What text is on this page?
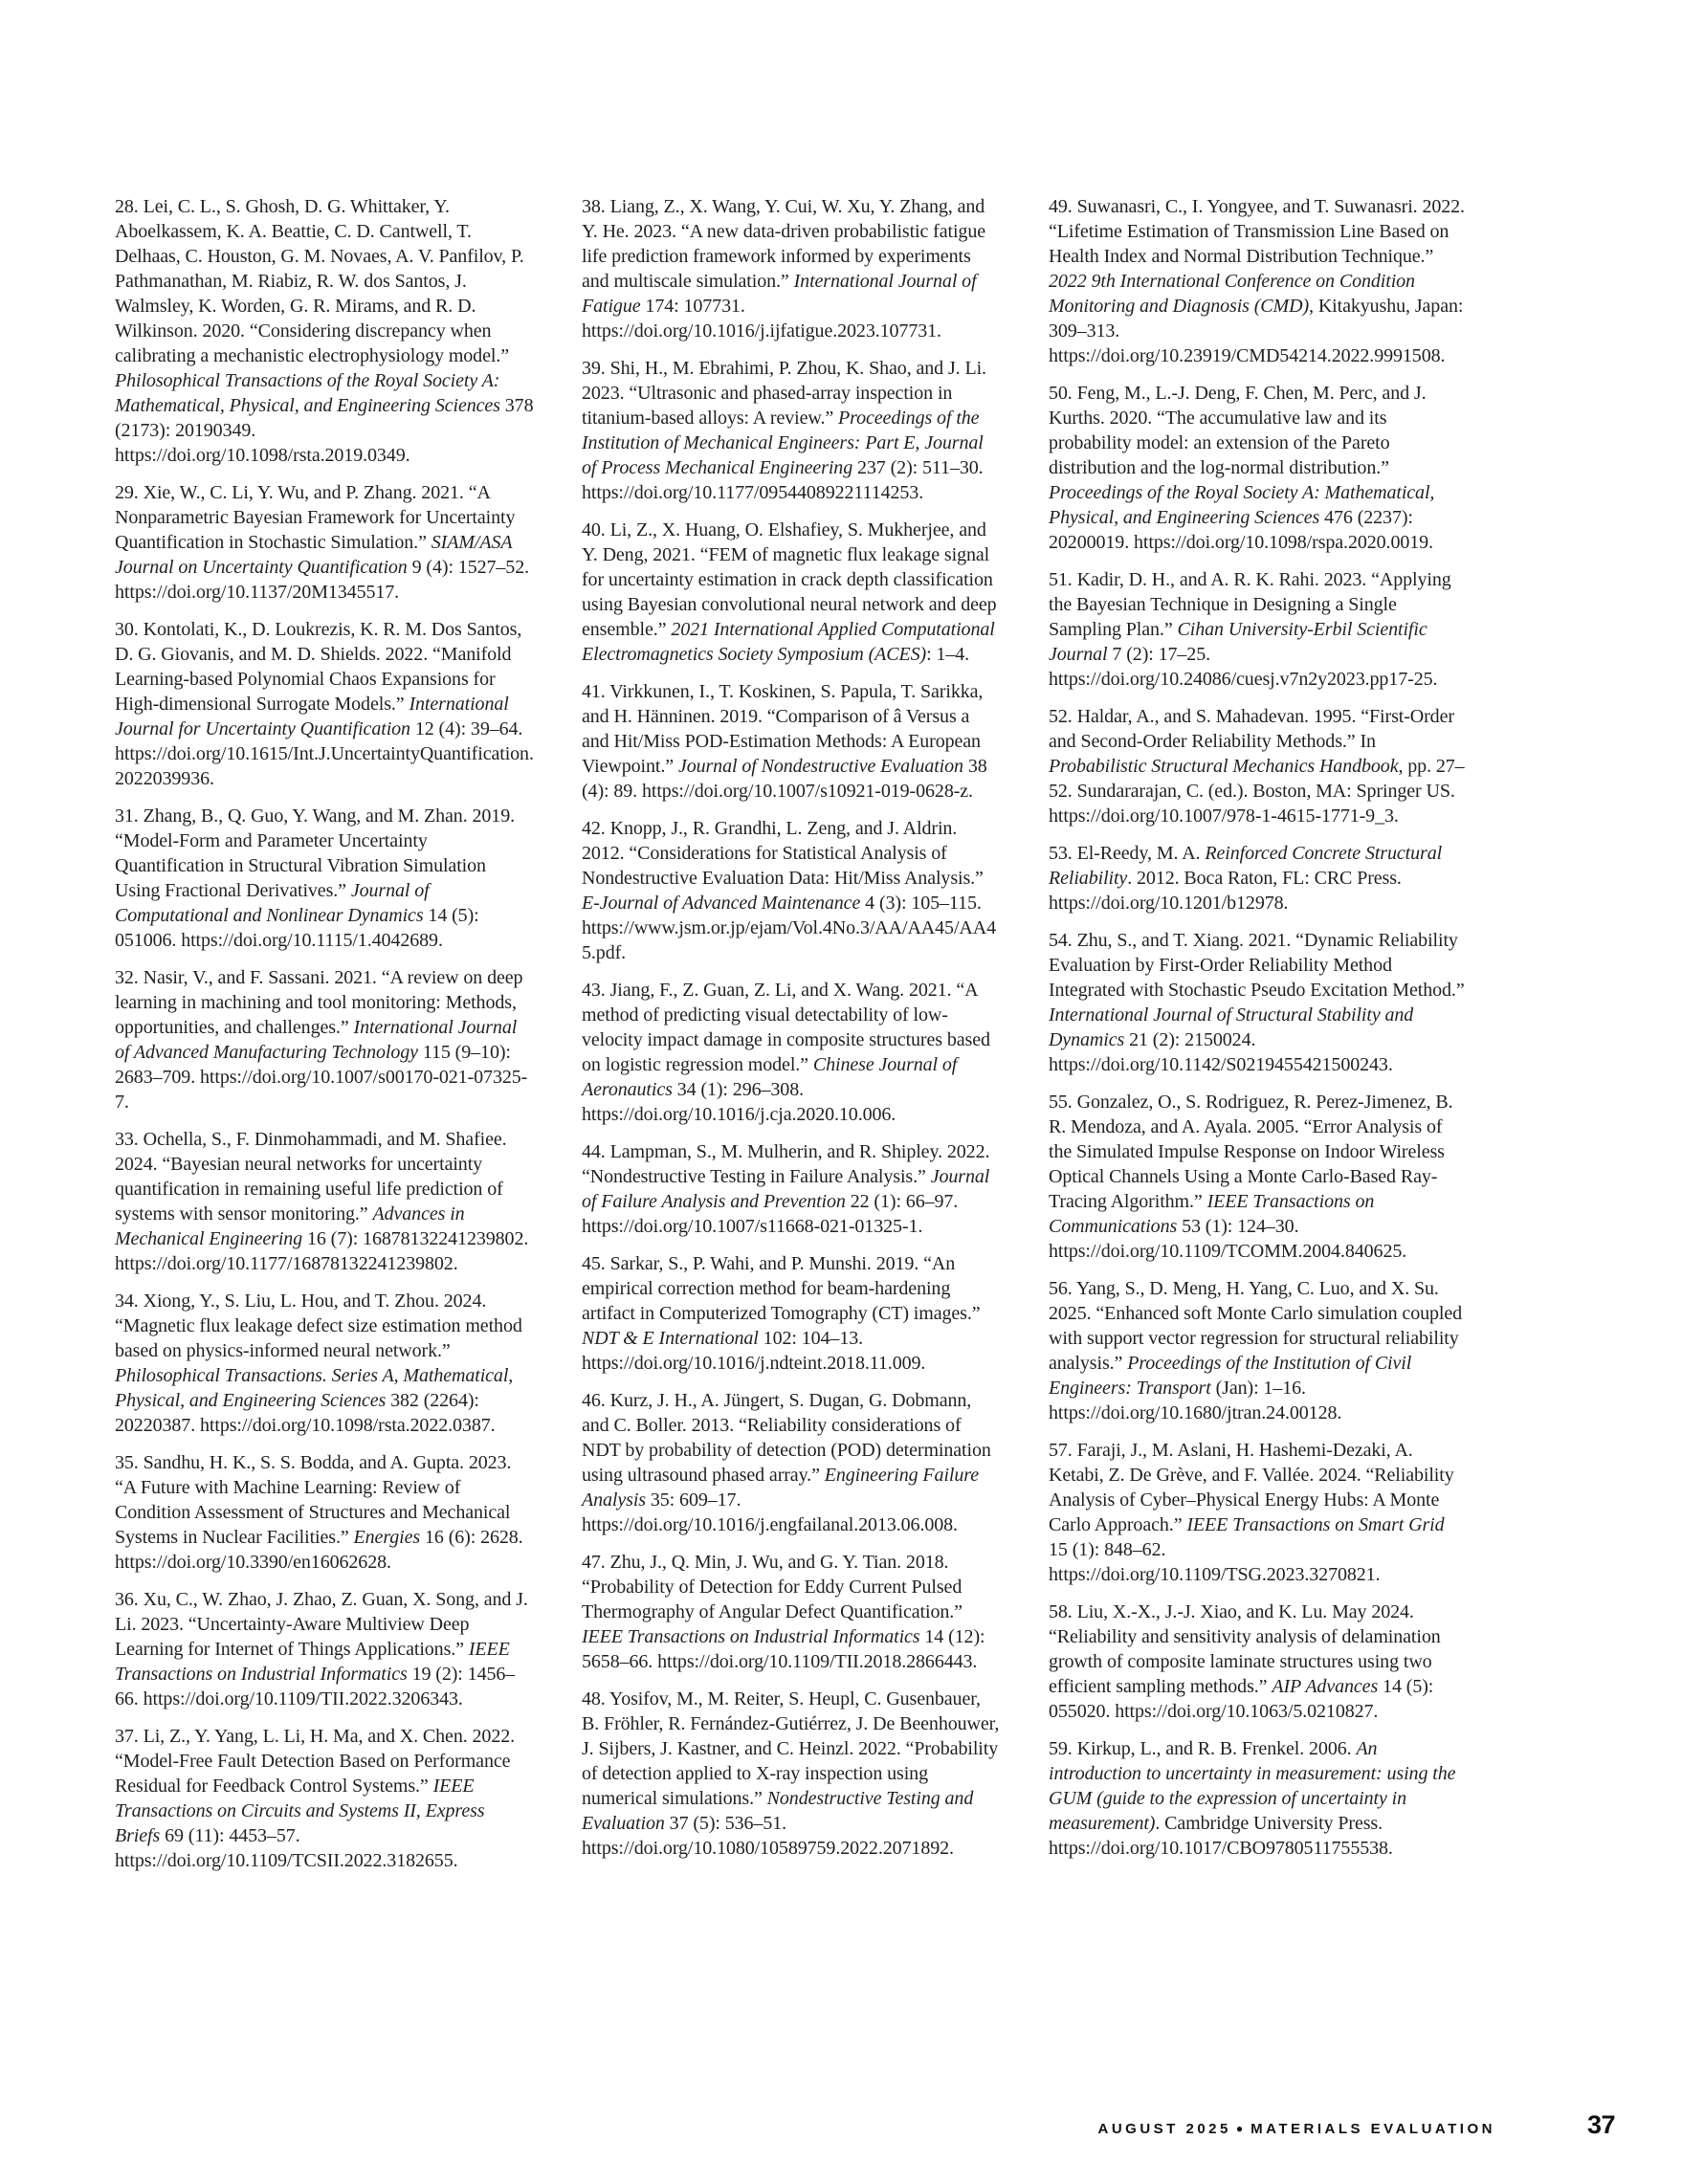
28. Lei, C. L., S. Ghosh, D. G. Whittaker, Y. Aboelkassem, K. A. Beattie, C. D. Cantwell, T. Delhaas, C. Houston, G. M. Novaes, A. V. Panfilov, P. Pathmanathan, M. Riabiz, R. W. dos Santos, J. Walmsley, K. Worden, G. R. Mirams, and R. D. Wilkinson. 2020. “Considering discrepancy when calibrating a mechanistic electrophysiology model.” Philosophical Transactions of the Royal Society A: Mathematical, Physical, and Engineering Sciences 378 (2173): 20190349. https://doi.org/10.1098/rsta.2019.0349.

29. Xie, W., C. Li, Y. Wu, and P. Zhang. 2021. “A Nonparametric Bayesian Framework for Uncertainty Quantification in Stochastic Simulation.” SIAM/ASA Journal on Uncertainty Quantification 9 (4): 1527–52. https://doi.org/10.1137/20M1345517.

30. Kontolati, K., D. Loukrezis, K. R. M. Dos Santos, D. G. Giovanis, and M. D. Shields. 2022. “Manifold Learning-based Polynomial Chaos Expansions for High-dimensional Surrogate Models.” International Journal for Uncertainty Quantification 12 (4): 39–64. https://doi.org/10.1615/Int.J.UncertaintyQuantification.2022039936.

31. Zhang, B., Q. Guo, Y. Wang, and M. Zhan. 2019. “Model-Form and Parameter Uncertainty Quantification in Structural Vibration Simulation Using Fractional Derivatives.” Journal of Computational and Nonlinear Dynamics 14 (5): 051006. https://doi.org/10.1115/1.4042689.

32. Nasir, V., and F. Sassani. 2021. “A review on deep learning in machining and tool monitoring: Methods, opportunities, and challenges.” International Journal of Advanced Manufacturing Technology 115 (9–10): 2683–709. https://doi.org/10.1007/s00170-021-07325-7.

33. Ochella, S., F. Dinmohammadi, and M. Shafiee. 2024. “Bayesian neural networks for uncertainty quantification in remaining useful life prediction of systems with sensor monitoring.” Advances in Mechanical Engineering 16 (7): 16878132241239802. https://doi.org/10.1177/16878132241239802.

34. Xiong, Y., S. Liu, L. Hou, and T. Zhou. 2024. “Magnetic flux leakage defect size estimation method based on physics-informed neural network.” Philosophical Transactions. Series A, Mathematical, Physical, and Engineering Sciences 382 (2264): 20220387. https://doi.org/10.1098/rsta.2022.0387.

35. Sandhu, H. K., S. S. Bodda, and A. Gupta. 2023. “A Future with Machine Learning: Review of Condition Assessment of Structures and Mechanical Systems in Nuclear Facilities.” Energies 16 (6): 2628. https://doi.org/10.3390/en16062628.

36. Xu, C., W. Zhao, J. Zhao, Z. Guan, X. Song, and J. Li. 2023. “Uncertainty-Aware Multiview Deep Learning for Internet of Things Applications.” IEEE Transactions on Industrial Informatics 19 (2): 1456–66. https://doi.org/10.1109/TII.2022.3206343.

37. Li, Z., Y. Yang, L. Li, H. Ma, and X. Chen. 2022. “Model-Free Fault Detection Based on Performance Residual for Feedback Control Systems.” IEEE Transactions on Circuits and Systems II, Express Briefs 69 (11): 4453–57. https://doi.org/10.1109/TCSII.2022.3182655.

38. Liang, Z., X. Wang, Y. Cui, W. Xu, Y. Zhang, and Y. He. 2023. “A new data-driven probabilistic fatigue life prediction framework informed by experiments and multiscale simulation.” International Journal of Fatigue 174: 107731. https://doi.org/10.1016/j.ijfatigue.2023.107731.

39. Shi, H., M. Ebrahimi, P. Zhou, K. Shao, and J. Li. 2023. “Ultrasonic and phased-array inspection in titanium-based alloys: A review.” Proceedings of the Institution of Mechanical Engineers: Part E, Journal of Process Mechanical Engineering 237 (2): 511–30. https://doi.org/10.1177/09544089221114253.

40. Li, Z., X. Huang, O. Elshafiey, S. Mukherjee, and Y. Deng, 2021. “FEM of magnetic flux leakage signal for uncertainty estimation in crack depth classification using Bayesian convolutional neural network and deep ensemble.” 2021 International Applied Computational Electromagnetics Society Symposium (ACES): 1–4.

41. Virkkunen, I., T. Koskinen, S. Papula, T. Sarikka, and H. Hänninen. 2019. “Comparison of â Versus a and Hit/Miss POD-Estimation Methods: A European Viewpoint.” Journal of Nondestructive Evaluation 38 (4): 89. https://doi.org/10.1007/s10921-019-0628-z.

42. Knopp, J., R. Grandhi, L. Zeng, and J. Aldrin. 2012. “Considerations for Statistical Analysis of Nondestructive Evaluation Data: Hit/Miss Analysis.” E-Journal of Advanced Maintenance 4 (3): 105–115. https://www.jsm.or.jp/ejam/Vol.4No.3/AA/AA45/AA45.pdf.

43. Jiang, F., Z. Guan, Z. Li, and X. Wang. 2021. “A method of predicting visual detectability of low-velocity impact damage in composite structures based on logistic regression model.” Chinese Journal of Aeronautics 34 (1): 296–308. https://doi.org/10.1016/j.cja.2020.10.006.

44. Lampman, S., M. Mulherin, and R. Shipley. 2022. “Nondestructive Testing in Failure Analysis.” Journal of Failure Analysis and Prevention 22 (1): 66–97. https://doi.org/10.1007/s11668-021-01325-1.

45. Sarkar, S., P. Wahi, and P. Munshi. 2019. “An empirical correction method for beam-hardening artifact in Computerized Tomography (CT) images.” NDT & E International 102: 104–13. https://doi.org/10.1016/j.ndteint.2018.11.009.

46. Kurz, J. H., A. Jüngert, S. Dugan, G. Dobmann, and C. Boller. 2013. “Reliability considerations of NDT by probability of detection (POD) determination using ultrasound phased array.” Engineering Failure Analysis 35: 609–17. https://doi.org/10.1016/j.engfailanal.2013.06.008.

47. Zhu, J., Q. Min, J. Wu, and G. Y. Tian. 2018. “Probability of Detection for Eddy Current Pulsed Thermography of Angular Defect Quantification.” IEEE Transactions on Industrial Informatics 14 (12): 5658–66. https://doi.org/10.1109/TII.2018.2866443.

48. Yosifov, M., M. Reiter, S. Heupl, C. Gusenbauer, B. Fröhler, R. Fernández-Gutiérrez, J. De Beenhouwer, J. Sijbers, J. Kastner, and C. Heinzl. 2022. “Probability of detection applied to X-ray inspection using numerical simulations.” Nondestructive Testing and Evaluation 37 (5): 536–51. https://doi.org/10.1080/10589759.2022.2071892.

49. Suwanasri, C., I. Yongyee, and T. Suwanasri. 2022. “Lifetime Estimation of Transmission Line Based on Health Index and Normal Distribution Technique.” 2022 9th International Conference on Condition Monitoring and Diagnosis (CMD), Kitakyushu, Japan: 309–313. https://doi.org/10.23919/CMD54214.2022.9991508.

50. Feng, M., L.-J. Deng, F. Chen, M. Perc, and J. Kurths. 2020. “The accumulative law and its probability model: an extension of the Pareto distribution and the log-normal distribution.” Proceedings of the Royal Society A: Mathematical, Physical, and Engineering Sciences 476 (2237): 20200019. https://doi.org/10.1098/rspa.2020.0019.

51. Kadir, D. H., and A. R. K. Rahi. 2023. “Applying the Bayesian Technique in Designing a Single Sampling Plan.” Cihan University-Erbil Scientific Journal 7 (2): 17–25. https://doi.org/10.24086/cuesj.v7n2y2023.pp17-25.

52. Haldar, A., and S. Mahadevan. 1995. “First-Order and Second-Order Reliability Methods.” In Probabilistic Structural Mechanics Handbook, pp. 27–52. Sundararajan, C. (ed.). Boston, MA: Springer US. https://doi.org/10.1007/978-1-4615-1771-9_3.

53. El-Reedy, M. A. Reinforced Concrete Structural Reliability. 2012. Boca Raton, FL: CRC Press. https://doi.org/10.1201/b12978.

54. Zhu, S., and T. Xiang. 2021. “Dynamic Reliability Evaluation by First-Order Reliability Method Integrated with Stochastic Pseudo Excitation Method.” International Journal of Structural Stability and Dynamics 21 (2): 2150024. https://doi.org/10.1142/S0219455421500243.

55. Gonzalez, O., S. Rodriguez, R. Perez-Jimenez, B. R. Mendoza, and A. Ayala. 2005. “Error Analysis of the Simulated Impulse Response on Indoor Wireless Optical Channels Using a Monte Carlo-Based Ray-Tracing Algorithm.” IEEE Transactions on Communications 53 (1): 124–30. https://doi.org/10.1109/TCOMM.2004.840625.

56. Yang, S., D. Meng, H. Yang, C. Luo, and X. Su. 2025. “Enhanced soft Monte Carlo simulation coupled with support vector regression for structural reliability analysis.” Proceedings of the Institution of Civil Engineers: Transport (Jan): 1–16. https://doi.org/10.1680/jtran.24.00128.

57. Faraji, J., M. Aslani, H. Hashemi-Dezaki, A. Ketabi, Z. De Grève, and F. Vallée. 2024. “Reliability Analysis of Cyber–Physical Energy Hubs: A Monte Carlo Approach.” IEEE Transactions on Smart Grid 15 (1): 848–62. https://doi.org/10.1109/TSG.2023.3270821.

58. Liu, X.-X., J.-J. Xiao, and K. Lu. May 2024. “Reliability and sensitivity analysis of delamination growth of composite laminate structures using two efficient sampling methods.” AIP Advances 14 (5): 055020. https://doi.org/10.1063/5.0210827.

59. Kirkup, L., and R. B. Frenkel. 2006. An introduction to uncertainty in measurement: using the GUM (guide to the expression of uncertainty in measurement). Cambridge University Press. https://doi.org/10.1017/CBO9780511755538.

AUGUST 2025 ● MATERIALS EVALUATION	37
